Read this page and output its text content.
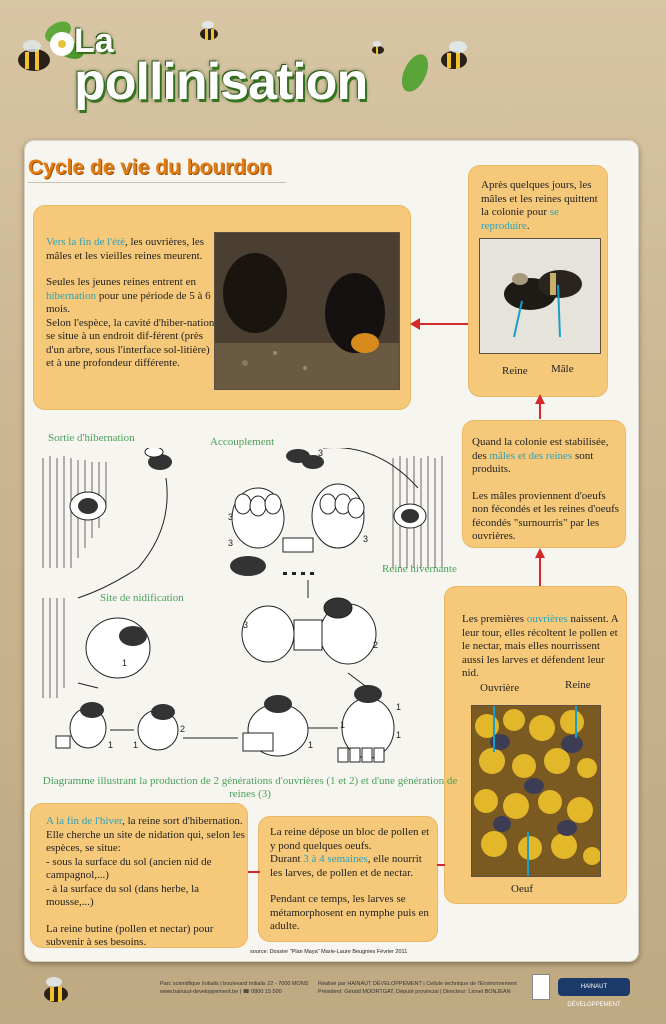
La
pollinisation
Cycle de vie du bourdon

Vers la fin de l'été, les ouvrières, les mâles et les vieilles reines meurent.

Seules les jeunes reines entrent en hibernation pour une période de 5 à 6 mois.

Selon l'espèce, la cavité d'hiber-nation se situe à un endroit dif-férent (près d'un arbre, sous l'interface sol-litière) et à une profondeur différente.

Après quelques jours, les mâles et les reines quittent la colonie pour se reproduire.

Reine Mâle

Quand la colonie est stabilisée, des mâles et des reines sont produits.

Les mâles proviennent d'oeufs non fécondés et les reines d'oeufs fécondés "surnourris" par les ouvrières.

Les premières ouvrières naissent. A leur tour, elles récoltent le pollen et le nectar, mais elles nourrissent aussi les larves et défendent leur nid.

Ouvrière	Reine
Oeuf

A la fin de l'hiver, la reine sort d'hibernation. Elle cherche un site de nidation qui, selon les espèces, se situe:

- sous la surface du sol (ancien nid de campagnol,...)

- à la surface du sol (dans herbe, la mousse,...)

La reine butine (pollen et nectar) pour subvenir à ses besoins.

La reine dépose un bloc de pollen et y pond quelques oeufs.

Durant 3 à 4 semaines, elle nourrit les larves, de pollen et de nectar.

Pendant ce temps, les larves se métamorphosent en nymphe puis en adulte.

Sortie d'hibernation	Accouplement
Site de nidification
Reine hivernante
3
3
3	3
3
2
1
1
2
1	1
1
1
1
Diagramme illustrant la production de 2 générations d'ouvrières (1 et 2) et d'une génération de reines (3)
source: Dossier "Plan Maya" Marie-Laure Beugnies Février 2011
Parc scientifique Initialis | boulevard Initialis 22 - 7000 MONS
www.hainaut-developpement.be | ☎ 0800 15 500
Réalisé par HAINAUT DÉVELOPPEMENT | Cellule technique de l'Environnement
Président: Gérald MOORTGAT, Député provincial | Directeur: Lionel BONJEAN
HAINAUT DÉVELOPPEMENT
